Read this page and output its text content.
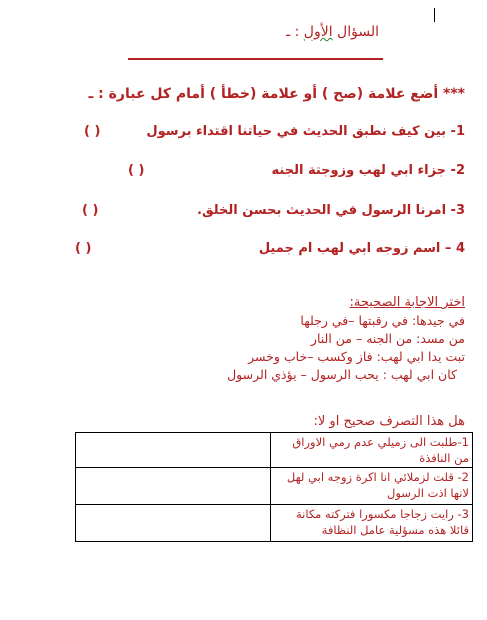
السؤال الأول : ـ
*** أضع علامة (صح ) أو علامة (خطأ ) أمام كل عبارة : ـ
1- بين كيف نطبق الحديث في حياتنا اقتداء برسول
( )
2- جزاء ابي لهب وزوجتة الجنه
( )
3- امرنا الرسول في الحديث بحسن الخلق.
( )
4 – اسم زوجه ابي لهب ام جميل
( )
اختر الاجابة الصحيحة:
في جيدها: في رقبتها –في رجلها
من مسد: من الجنه – من النار
تبت يدا ابي لهب: فاز وكسب –خاب وخسر
كان ابي لهب : يحب الرسول – يؤذي الرسول
هل هذا التصرف صحيح او لا:
1-طلبت الى زميلي عدم رمي الاوراق من النافذة	
2- قلت لزملائي انا اكرة زوجه ابي لهل لانها اذت الرسول	
3- رايت زجاجا مكسورا فتركته مكانة قائلا هذه مسؤلية عامل النظافة	
